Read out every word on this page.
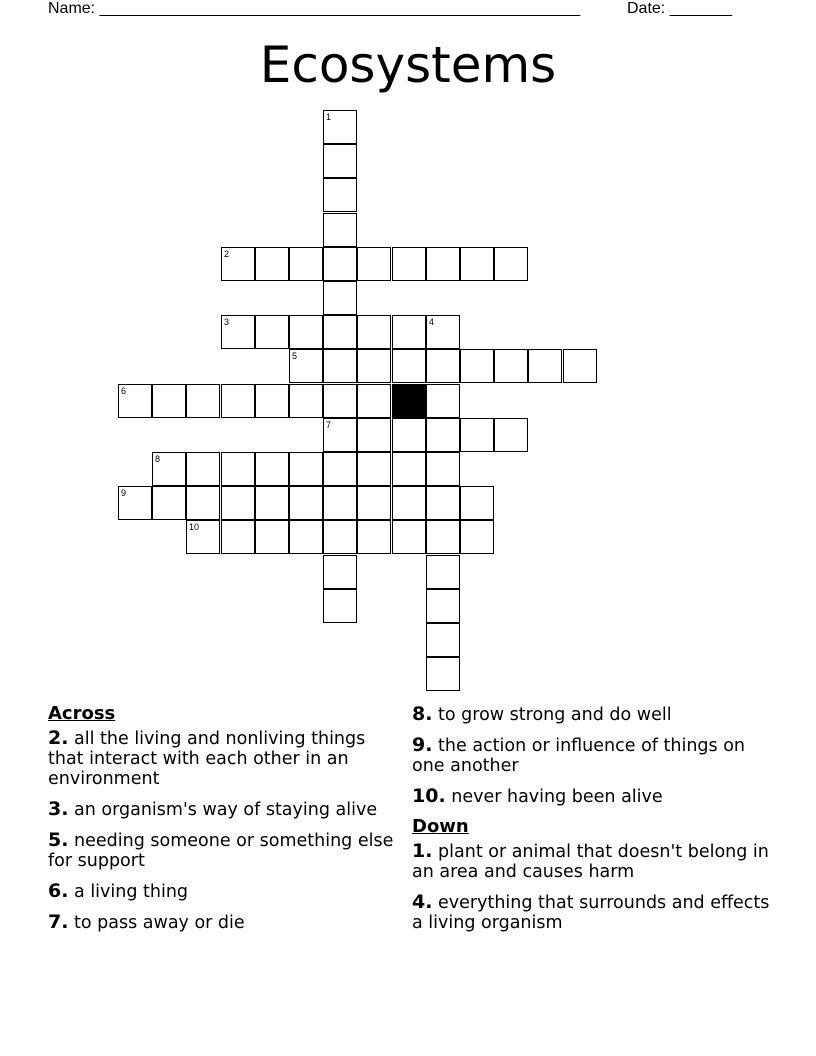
Name: ______________________________________________________	Date: _______
Ecosystems
1
2
3	4
5
6
7
8
9
10
Across
2. all the living and nonliving things that interact with each other in an environment
3. an organism's way of staying alive
5. needing someone or something else for support
6. a living thing
7. to pass away or die
8. to grow strong and do well
9. the action or influence of things on one another
10. never having been alive
Down
1. plant or animal that doesn't belong in an area and causes harm
4. everything that surrounds and effects a living organism
